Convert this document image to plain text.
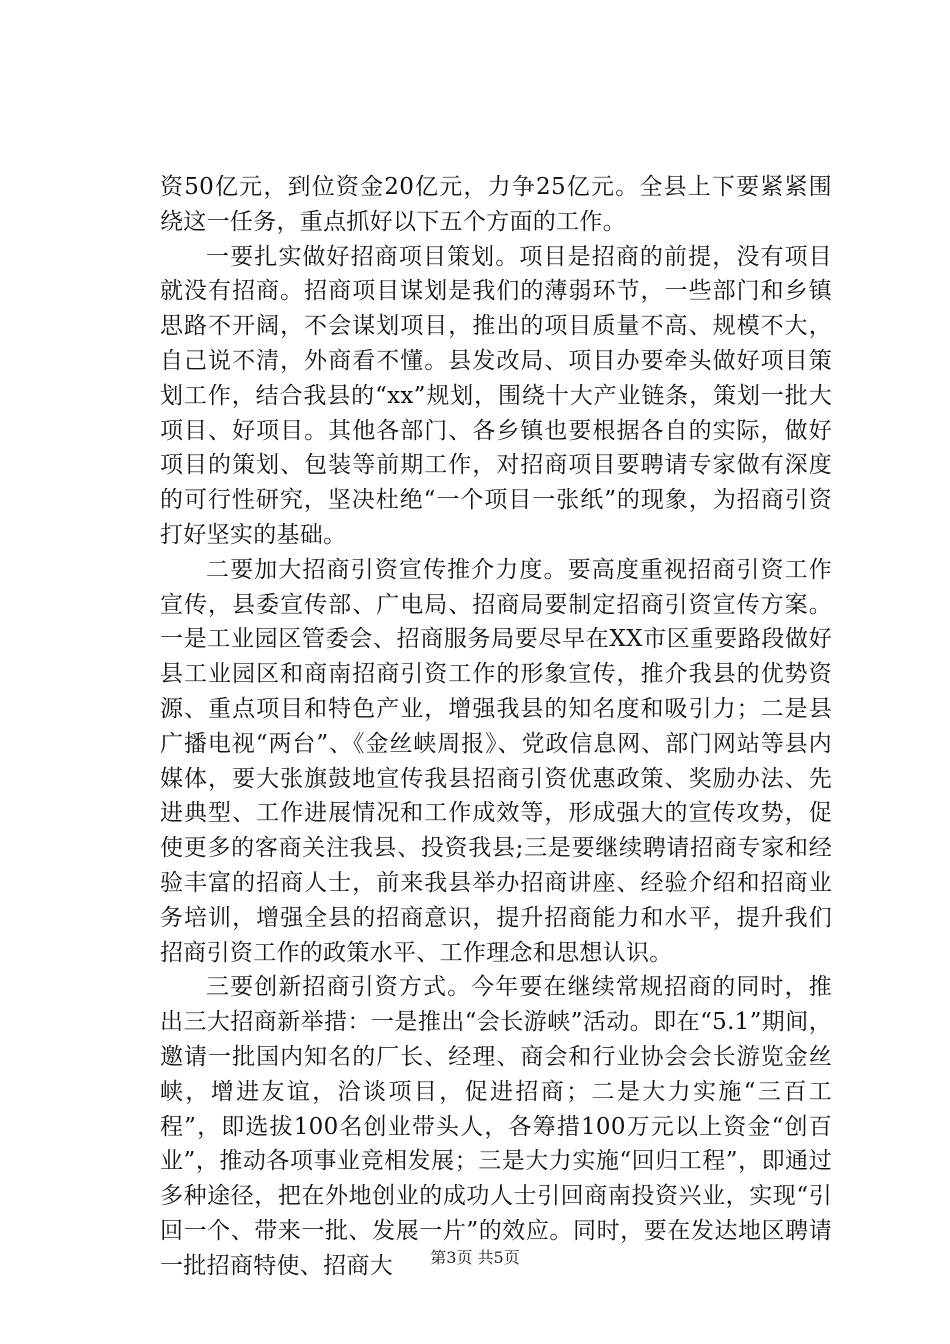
资50亿元，到位资金20亿元，力争25亿元。全县上下要紧紧围绕这一任务，重点抓好以下五个方面的工作。

一要扎实做好招商项目策划。项目是招商的前提，没有项目就没有招商。招商项目谋划是我们的薄弱环节，一些部门和乡镇思路不开阔，不会谋划项目，推出的项目质量不高、规模不大，自己说不清，外商看不懂。县发改局、项目办要牵头做好项目策划工作，结合我县的“xx”规划，围绕十大产业链条，策划一批大项目、好项目。其他各部门、各乡镇也要根据各自的实际，做好项目的策划、包装等前期工作，对招商项目要聘请专家做有深度的可行性研究，坚决杜绝“一个项目一张纸”的现象，为招商引资打好坚实的基础。

二要加大招商引资宣传推介力度。要高度重视招商引资工作宣传，县委宣传部、广电局、招商局要制定招商引资宣传方案。一是工业园区管委会、招商服务局要尽早在XX市区重要路段做好县工业园区和商南招商引资工作的形象宣传，推介我县的优势资源、重点项目和特色产业，增强我县的知名度和吸引力；二是县广播电视“两台”、《金丝峡周报》、党政信息网、部门网站等县内媒体，要大张旗鼓地宣传我县招商引资优惠政策、奖励办法、先进典型、工作进展情况和工作成效等，形成强大的宣传攻势，促使更多的客商关注我县、投资我县;三是要继续聘请招商专家和经验丰富的招商人士，前来我县举办招商讲座、经验介绍和招商业务培训，增强全县的招商意识，提升招商能力和水平，提升我们招商引资工作的政策水平、工作理念和思想认识。

三要创新招商引资方式。今年要在继续常规招商的同时，推出三大招商新举措：一是推出“会长游峡”活动。即在“5.1”期间，邀请一批国内知名的厂长、经理、商会和行业协会会长游览金丝峡，增进友谊，洽谈项目，促进招商；二是大力实施“三百工程”，即选拔100名创业带头人，各筹措100万元以上资金“创百业”，推动各项事业竞相发展；三是大力实施“回归工程”，即通过多种途径，把在外地创业的成功人士引回商南投资兴业，实现“引回一个、带来一批、发展一片”的效应。同时，要在发达地区聘请一批招商特使、招商大	第3页 共5页
